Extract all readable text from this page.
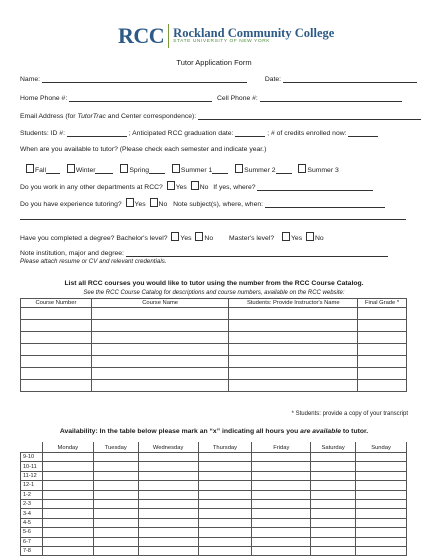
RCC Rockland Community College
STATE UNIVERSITY OF NEW YORK
Tutor Application Form
Name:	Date:
Home Phone #:	Cell Phone #:
Email Address (for TutorTrac and Center correspondence):
Students: ID #:	; Anticipated RCC graduation date:	; # of credits enrolled now:
When are you available to tutor? (Please check each semester and indicate year.)
Fall	Winter	Spring	Summer 1	Summer 2	Summer 3
Do you work in any other departments at RCC? Yes No If yes, where?
Do you have experience tutoring? Yes No Note subject(s), where, when:
Have you completed a degree? Bachelor's level? Yes No Master's level? Yes No
Note institution, major and degree:
Please attach resume or CV and relevant credentials.
List all RCC courses you would like to tutor using the number from the RCC Course Catalog.
See the RCC Course Catalog for descriptions and course numbers, available on the RCC website:
Course Number	Course Name	Students: Provide Instructor's Name	Final Grade *

* Students: provide a copy of your transcript
Availability: In the table below please mark an “x” indicating all hours you are available to tutor.
	Monday	Tuesday	Wednesday	Thursday	Friday	Saturday	Sunday
9-10							
10-11							
11-12							
12-1							
1-2							
2-3							
3-4							
4-5							
5-6							
6-7							
7-8							
